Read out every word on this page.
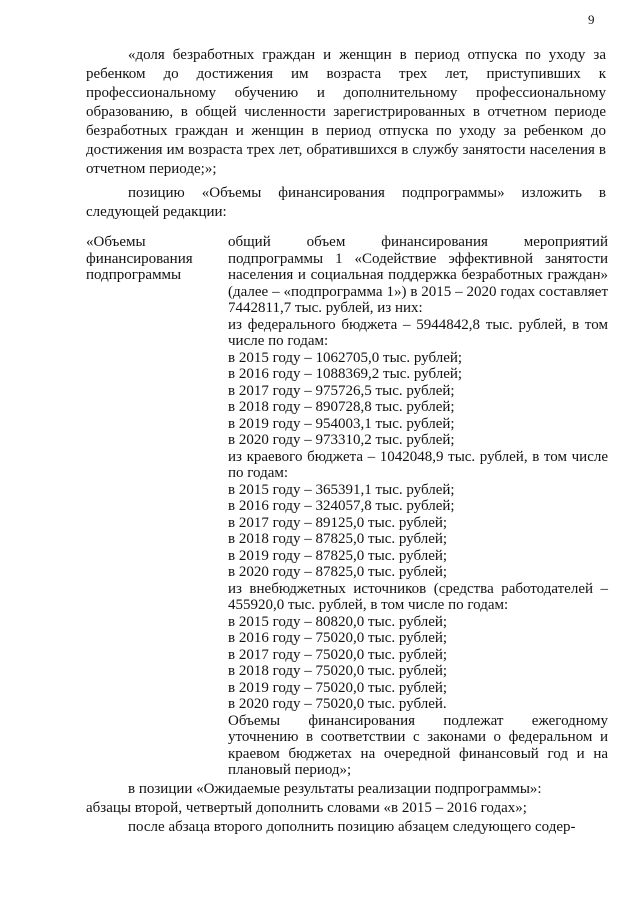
9
«доля безработных граждан и женщин в период отпуска по уходу за ребенком до достижения им возраста трех лет, приступивших к профессиональному обучению и дополнительному профессиональному образованию, в общей численности зарегистрированных в отчетном периоде безработных граждан и женщин в период отпуска по уходу за ребенком до достижения им возраста трех лет, обратившихся в службу занятости населения в отчетном периоде;»;
позицию «Объемы финансирования подпрограммы» изложить в следующей редакции:
«Объемы финансирования подпрограммы
общий объем финансирования мероприятий подпрограммы 1 «Содействие эффективной занятости населения и социальная поддержка безработных граждан» (далее – «подпрограмма 1») в 2015 – 2020 годах составляет 7442811,7 тыс. рублей, из них:
из федерального бюджета – 5944842,8 тыс. рублей, в том числе по годам:
в 2015 году – 1062705,0 тыс. рублей;
в 2016 году – 1088369,2 тыс. рублей;
в 2017 году – 975726,5 тыс. рублей;
в 2018 году – 890728,8 тыс. рублей;
в 2019 году – 954003,1 тыс. рублей;
в 2020 году – 973310,2 тыс. рублей;
из краевого бюджета – 1042048,9 тыс. рублей, в том числе по годам:
в 2015 году – 365391,1 тыс. рублей;
в 2016 году – 324057,8 тыс. рублей;
в 2017 году – 89125,0 тыс. рублей;
в 2018 году – 87825,0 тыс. рублей;
в 2019 году – 87825,0 тыс. рублей;
в 2020 году – 87825,0 тыс. рублей;
из внебюджетных источников (средства работодателей – 455920,0 тыс. рублей, в том числе по годам:
в 2015 году – 80820,0 тыс. рублей;
в 2016 году – 75020,0 тыс. рублей;
в 2017 году – 75020,0 тыс. рублей;
в 2018 году – 75020,0 тыс. рублей;
в 2019 году – 75020,0 тыс. рублей;
в 2020 году – 75020,0 тыс. рублей.
Объемы финансирования подлежат ежегодному уточнению в соответствии с законами о федеральном и краевом бюджетах на очередной финансовый год и на плановый период»;
в позиции «Ожидаемые результаты реализации подпрограммы»:
абзацы второй, четвертый дополнить словами «в 2015 – 2016 годах»;
после абзаца второго дополнить позицию абзацем следующего содер-
